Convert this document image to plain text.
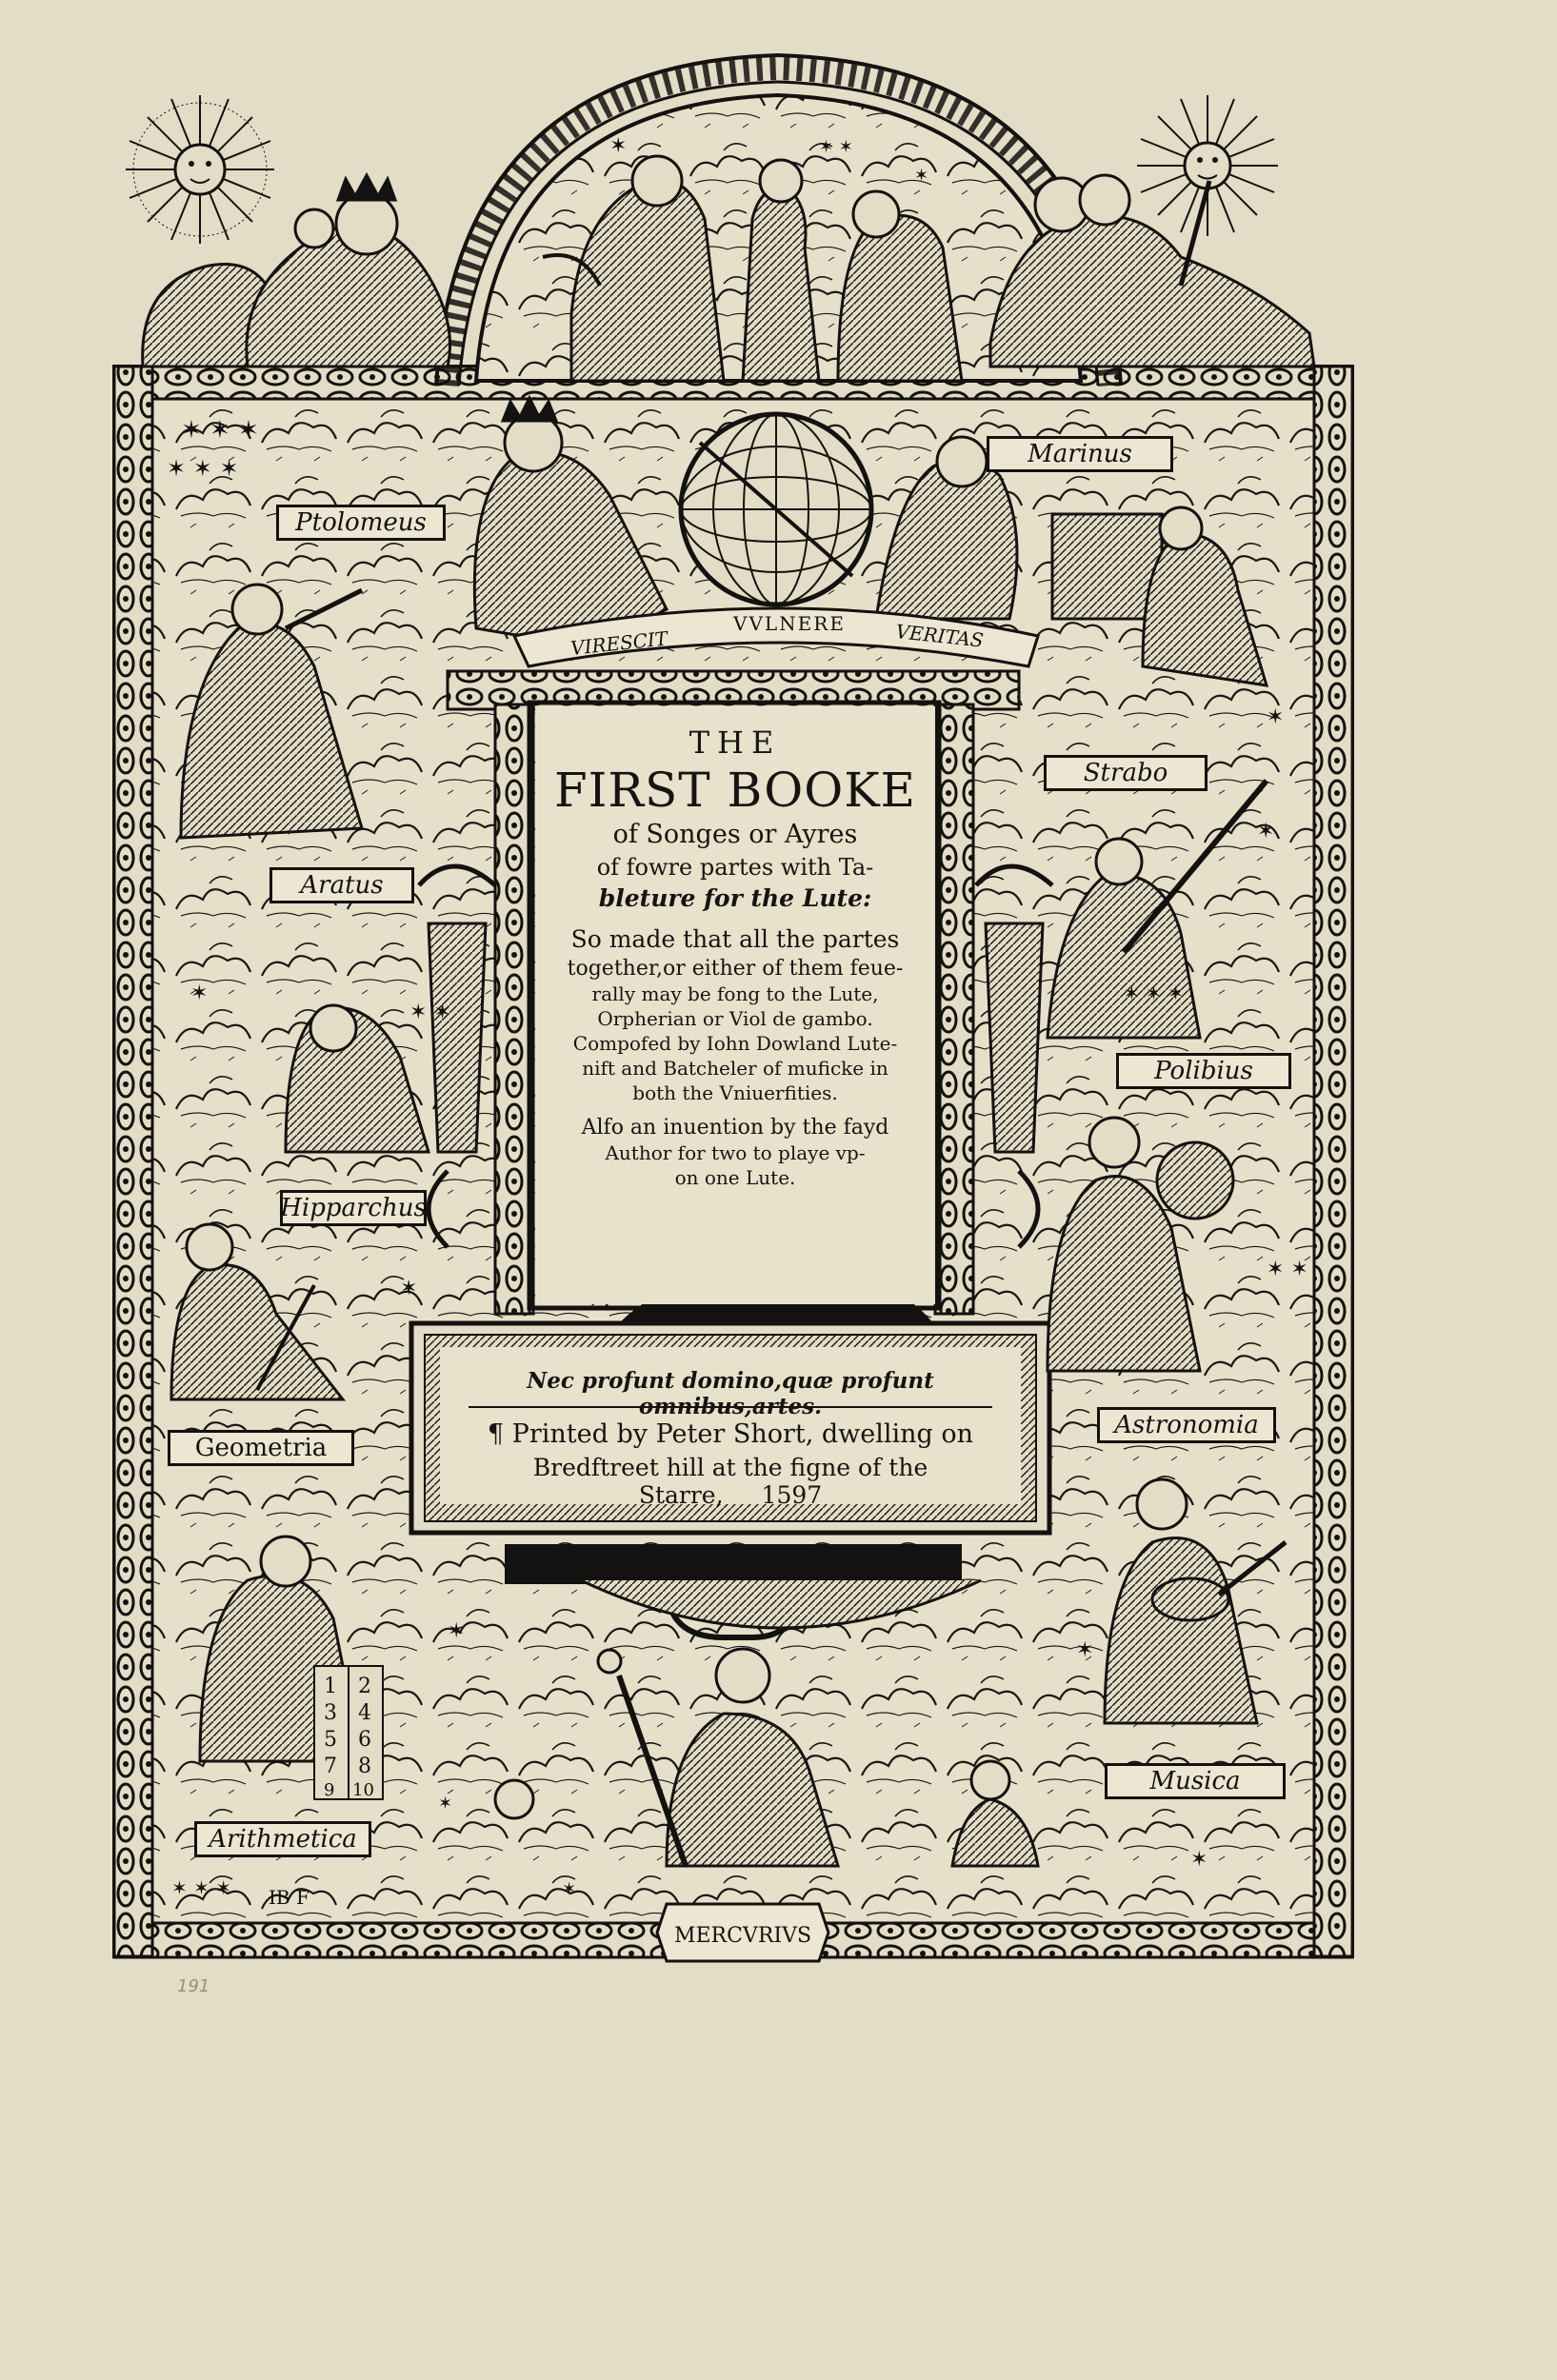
VIRESCIT
VVLNERE	VERITAS
✶ ✶ ✶
✶ ✶ ✶
✶
✶ ✶
✶
✶
✶ ✶ ✶
✶ ✶
✶
✶
✶
✶
✶ ✶ ✶
✶
✶
✶	✶ ✶
✶
1 2
3 4
5 6
7 8
9 10
IB F
MERCVRIVS
Ptolomeus
Marinus
Strabo
Aratus
Polibius
Hipparchus
Astronomia
Geometria
Musica
Arithmetica
THE
FIRST BOOKE
of Songes or Ayres
of fowre partes with Ta-
bleture for the Lute:
So made that all the partes
together,or either of them feue-
rally may be fong to the Lute,
Orpherian or Viol de gambo.
Compofed by Iohn Dowland Lute-
nift and Batcheler of muficke in
both the Vniuerfities.
Alfo an inuention by the fayd
Author for two to playe vp-
on one Lute.
Nec profunt domino,quæ profunt omnibus,artes.
¶ Printed by Peter Short, dwelling on
Bredftreet hill at the figne of the Starre, 1597
191
